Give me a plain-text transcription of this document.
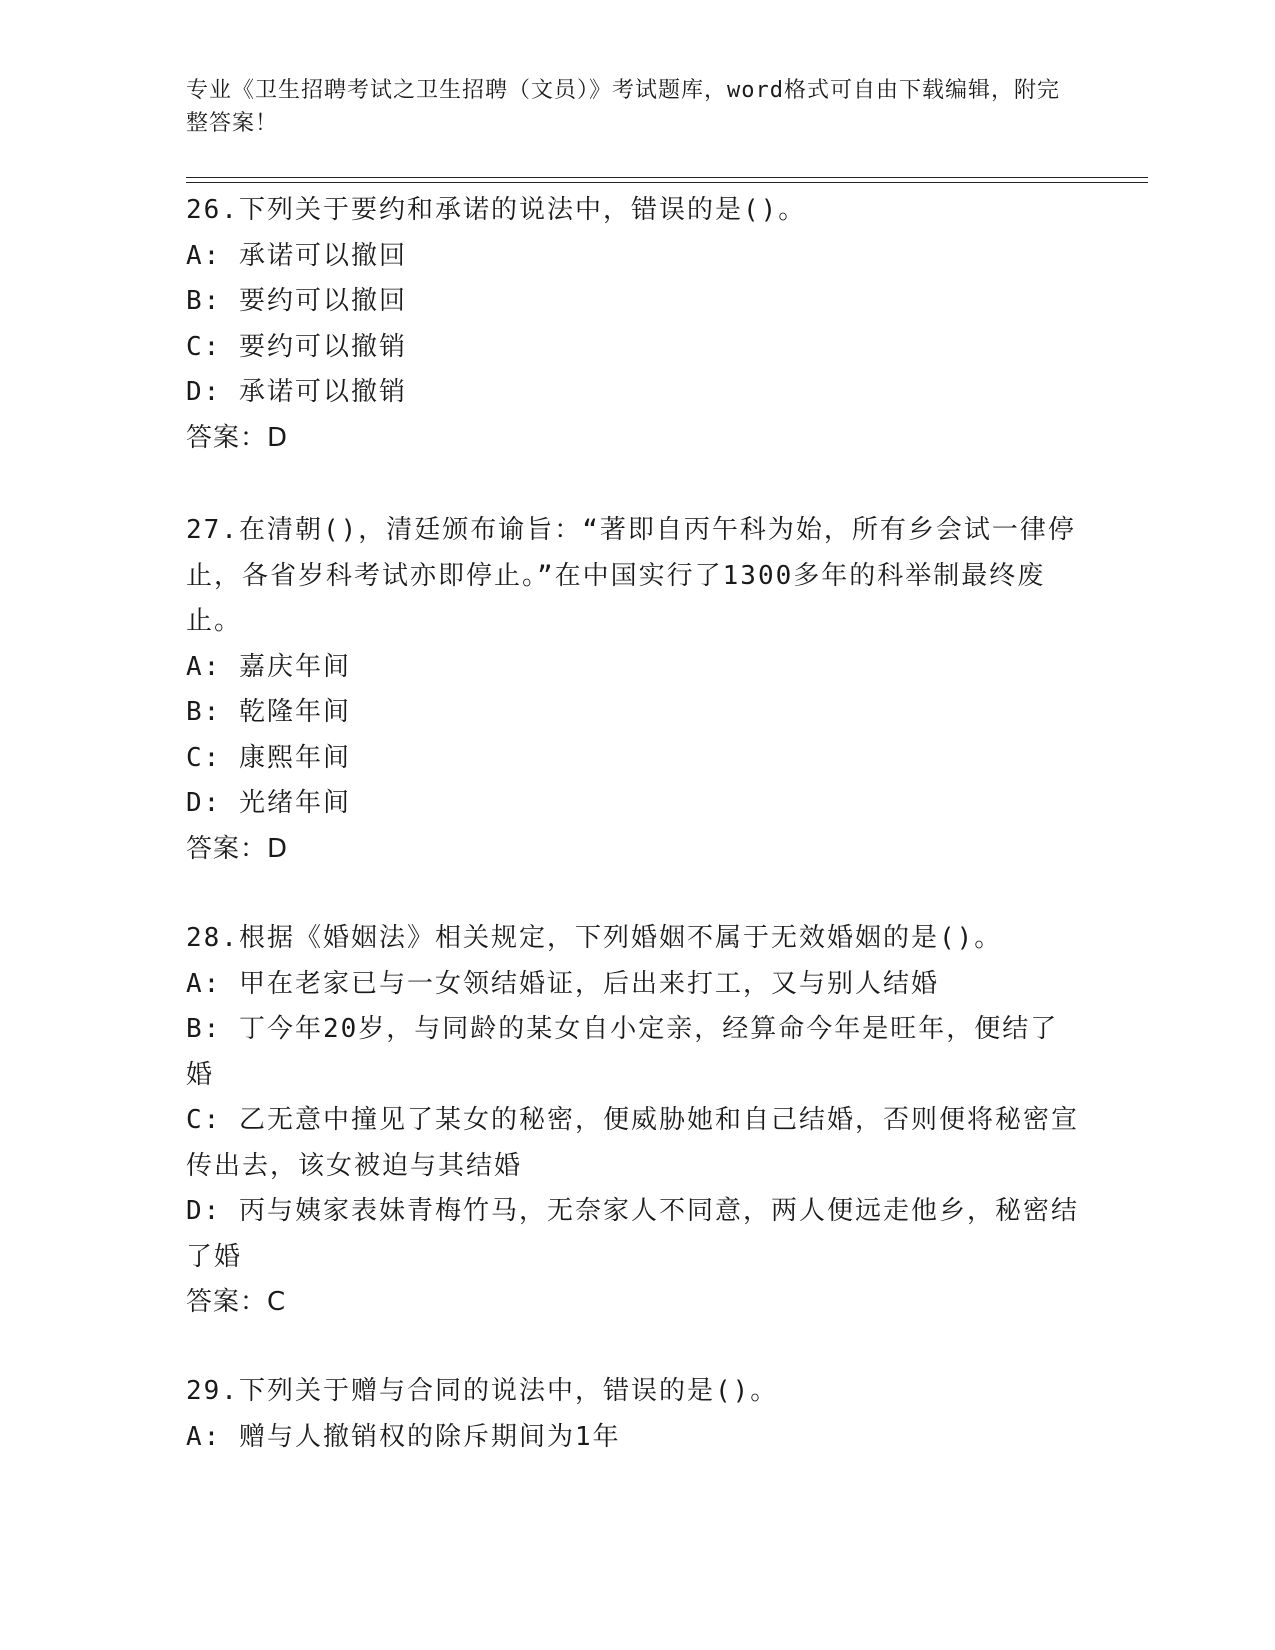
专业《卫生招聘考试之卫生招聘（文员）》考试题库，word格式可自由下载编辑，附完整答案！
26.下列关于要约和承诺的说法中，错误的是()。
A: 承诺可以撤回
B: 要约可以撤回
C: 要约可以撤销
D: 承诺可以撤销
答案：D
27.在清朝()，清廷颁布谕旨：“著即自丙午科为始，所有乡会试一律停止，各省岁科考试亦即停止。”在中国实行了1300多年的科举制最终废止。
A: 嘉庆年间
B: 乾隆年间
C: 康熙年间
D: 光绪年间
答案：D
28.根据《婚姻法》相关规定，下列婚姻不属于无效婚姻的是()。
A: 甲在老家已与一女领结婚证，后出来打工，又与别人结婚
B: 丁今年20岁，与同龄的某女自小定亲，经算命今年是旺年，便结了婚
C: 乙无意中撞见了某女的秘密，便威胁她和自己结婚，否则便将秘密宣传出去，该女被迫与其结婚
D: 丙与姨家表妹青梅竹马，无奈家人不同意，两人便远走他乡，秘密结了婚
答案：C
29.下列关于赠与合同的说法中，错误的是()。
A: 赠与人撤销权的除斥期间为1年
